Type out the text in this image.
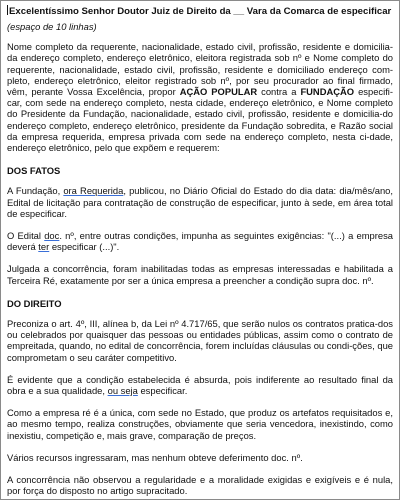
Excelentíssimo Senhor Doutor Juiz de Direito da __ Vara da Comarca de especificar
(espaço de 10 linhas)

Nome completo da requerente, nacionalidade, estado civil, profissão, residente e domicilia-da endereço completo, endereço eletrônico, eleitora registrada sob nº e Nome completo do requerente, nacionalidade, estado civil, profissão, residente e domiciliado endereço com-pleto, endereço eletrônico, eleitor registrado sob nº, por seu procurador ao final firmado, vêm, perante Vossa Excelência, propor AÇÃO POPULAR contra a FUNDAÇÃO especifi-car, com sede na endereço completo, nesta cidade, endereço eletrônico, e Nome completo do Presidente da Fundação, nacionalidade, estado civil, profissão, residente e domicilia-do endereço completo, endereço eletrônico, presidente da Fundação sobredita, e Razão social da empresa requerida, empresa privada com sede na endereço completo, nesta ci-dade, endereço eletrônico, pelo que expõem e requerem:

DOS FATOS

A Fundação, ora Requerida, publicou, no Diário Oficial do Estado do dia data: dia/mês/ano, Edital de licitação para contratação de construção de especificar, junto à sede, em área total de especificar.

O Edital doc. nº, entre outras condições, impunha as seguintes exigências: "(...) a empresa deverá ter especificar (...)".

Julgada a concorrência, foram inabilitadas todas as empresas interessadas e habilitada a Terceira Ré, exatamente por ser a única empresa a preencher a condição supra doc. nº.

DO DIREITO

Preconiza o art. 4º, III, alínea b, da Lei nº 4.717/65, que serão nulos os contratos pratica-dos ou celebrados por quaisquer das pessoas ou entidades públicas, assim como o contrato de empreitada, quando, no edital de concorrência, forem incluídas cláusulas ou condi-ções, que comprometam o seu caráter competitivo.

É evidente que a condição estabelecida é absurda, pois indiferente ao resultado final da obra e a sua qualidade, ou seja especificar.

Como a empresa ré é a única, com sede no Estado, que produz os artefatos requisitados e, ao mesmo tempo, realiza construções, obviamente que seria vencedora, inexistindo, como inexistiu, competição e, mais grave, comparação de preços.

Vários recursos ingressaram, mas nenhum obteve deferimento doc. nº.

A concorrência não observou a regularidade e a moralidade exigidas e exigíveis e é nula, por força do disposto no artigo supracitado.
